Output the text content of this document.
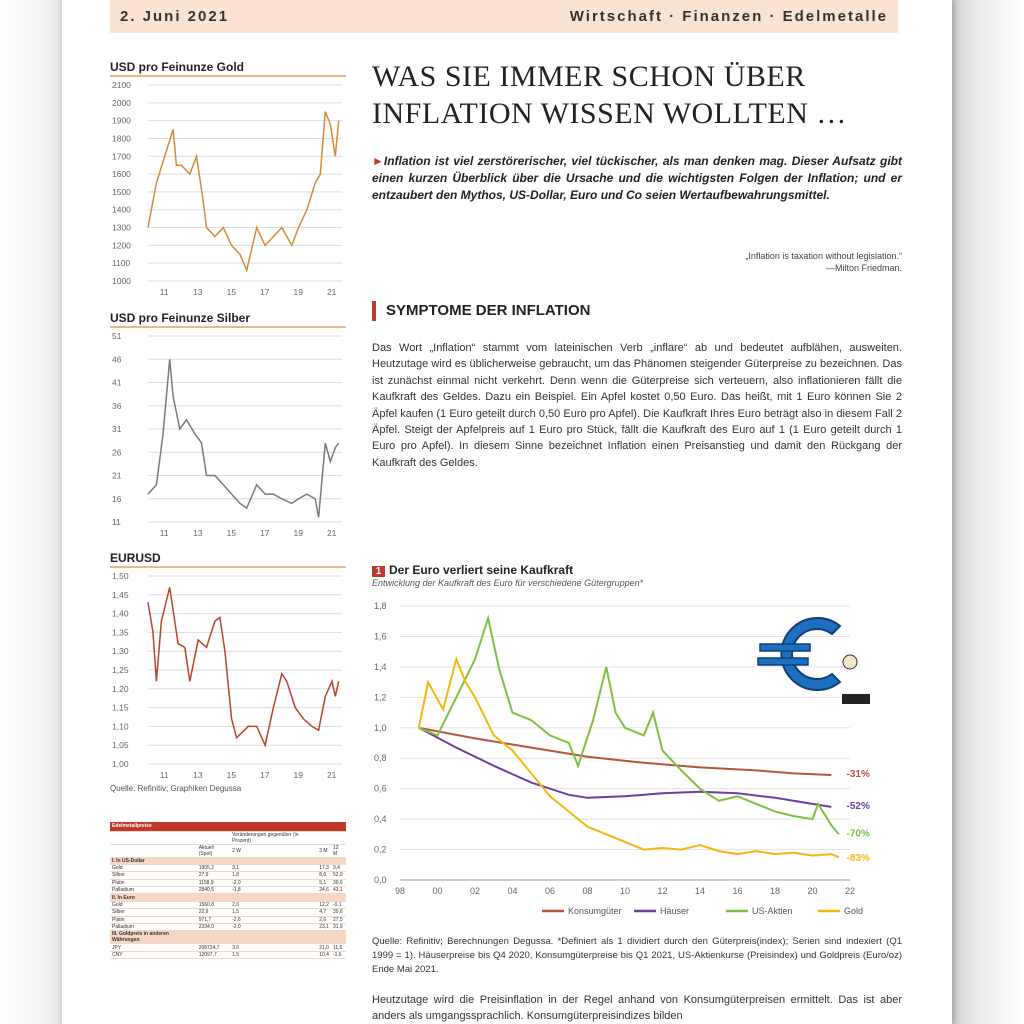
2. Juni 2021	Wirtschaft · Finanzen · Edelmetalle
USD pro Feinunze Gold
1000
1100
1200
1300
1400
1500
1600
1700
1800
1900
2000
2100
11	13	15	17	19	21
USD pro Feinunze Silber
11
16
21
26
31
36
41
46
51
11	13	15	17	19	21
EURUSD
1,00
1,05
1,10
1,15
1,20
1,25
1,30
1,35
1,40
1,45
1,50
11	13	15	17	19	21
Quelle: Refinitiv; Graphiken Degussa
Edelmetallpreise				
		Veränderungen gegenüber (in Prozent)		
	Aktuell (Spot)	2 W	3 M	12 M
I. In US-Dollar				
Gold	1905,2	3,1	17,3	9,4
Silber	27,9	1,8	8,6	52,9
Platin	1158,9	-2,0	5,1	39,6
Palladium	2840,5	-1,8	24,6	43,1
II. In Euro				
Gold	1560,8	2,6	12,2	-0,1
Silber	22,9	1,5	4,7	39,6
Platin	971,7	-2,6	2,6	27,5
Palladium	2334,0	-2,0	23,1	31,9
III. Goldpreis in anderen Währungen				
JPY	208724,7	3,6	21,0	11,5
CNY	12097,7	1,5	10,4	-1,6
WAS SIE IMMER SCHON ÜBER
INFLATION WISSEN WOLLTEN …
►Inflation ist viel zerstörerischer, viel tückischer, als man denken mag. Dieser Aufsatz gibt einen kurzen Überblick über die Ursache und die wichtigsten Folgen der Inflation; und er entzaubert den Mythos, US-Dollar, Euro und Co seien Wertaufbewahrungsmittel.
„Inflation is taxation without legislation.“
—Milton Friedman.
SYMPTOME DER INFLATION
Das Wort „Inflation“ stammt vom lateinischen Verb „inflare“ ab und bedeutet aufblähen, ausweiten. Heutzutage wird es üblicherweise gebraucht, um das Phänomen steigender Güterpreise zu bezeichnen. Das ist zunächst einmal nicht verkehrt. Denn wenn die Güterpreise sich verteuern, also inflationieren fällt die Kaufkraft des Geldes. Dazu ein Beispiel. Ein Apfel kostet 0,50 Euro. Das heißt, mit 1 Euro können Sie 2 Äpfel kaufen (1 Euro geteilt durch 0,50 Euro pro Apfel). Die Kaufkraft Ihres Euro beträgt also in diesem Fall 2 Äpfel. Steigt der Apfelpreis auf 1 Euro pro Stück, fällt die Kaufkraft des Euro auf 1 (1 Euro geteilt durch 1 Euro pro Apfel). In diesem Sinne bezeichnet Inflation einen Preisanstieg und damit den Rückgang der Kaufkraft des Geldes.
1 Der Euro verliert seine Kaufkraft
Entwicklung der Kaufkraft des Euro für verschiedene Gütergruppen*
0,0
0,2
0,4
0,6
0,8
1,0
1,2
1,4
1,6
1,8
98	00	02	04	06	08	10	12	14	16	18	20	22
-31%
Konsumgüter
-52%
Häuser
-70%
US-Aktien
-83%
Gold
Quelle: Refinitiv; Berechnungen Degussa. *Definiert als 1 dividiert durch den Güterpreis(index); Serien sind indexiert (Q1 1999 = 1). Häuserpreise bis Q4 2020, Konsumgüterpreise bis Q1 2021, US-Aktienkurse (Preisindex) und Goldpreis (Euro/oz) Ende Mai 2021.
Heutzutage wird die Preisinflation in der Regel anhand von Konsumgüterpreisen ermittelt. Das ist aber anders als umgangssprachlich. Konsumgüterpreisindizes bilden
